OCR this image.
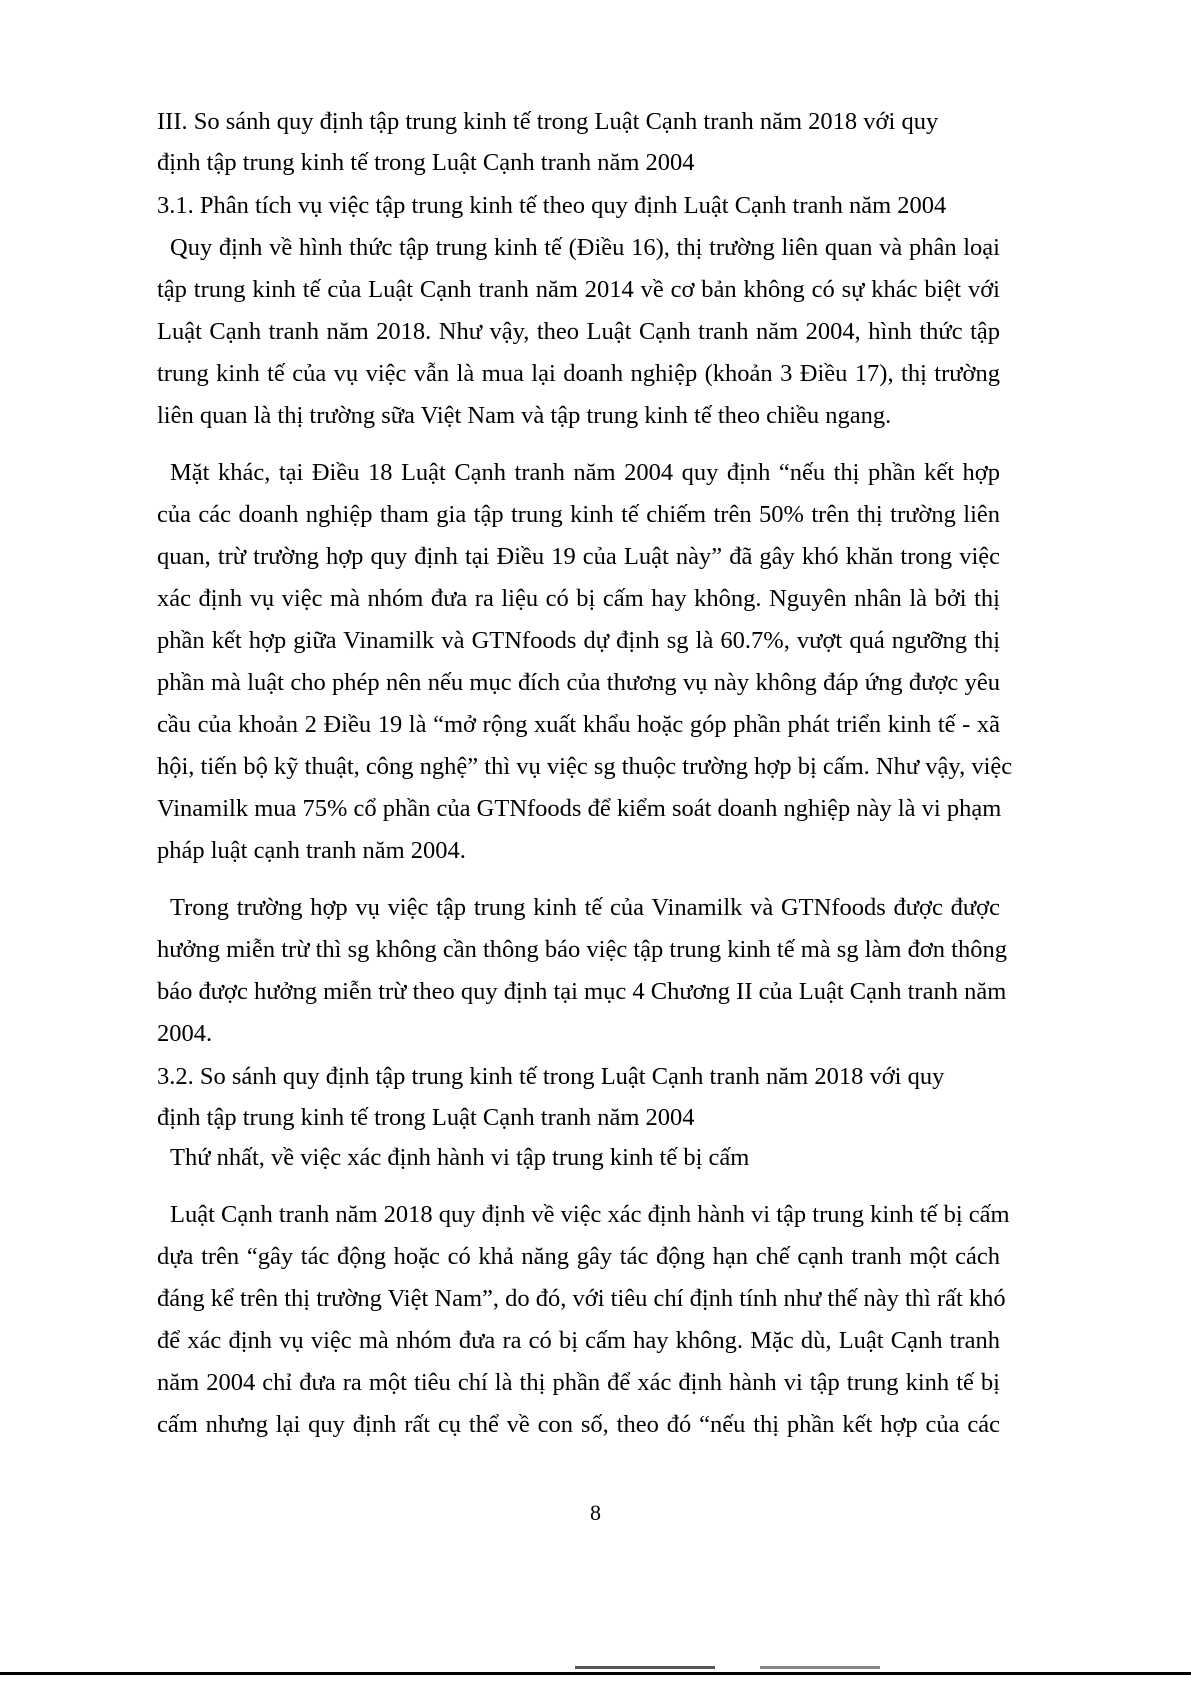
III. So sánh quy định tập trung kinh tế trong Luật Cạnh tranh năm 2018 với quy

định tập trung kinh tế trong Luật Cạnh tranh năm 2004

3.1. Phân tích vụ việc tập trung kinh tế theo quy định Luật Cạnh tranh năm 2004

Quy định về hình thức tập trung kinh tế (Điều 16), thị trường liên quan và phân loại

tập trung kinh tế của Luật Cạnh tranh năm 2014 về cơ bản không có sự khác biệt với

Luật Cạnh tranh năm 2018. Như vậy, theo Luật Cạnh tranh năm 2004, hình thức tập

trung kinh tế của vụ việc vẫn là mua lại doanh nghiệp (khoản 3 Điều 17), thị trường

liên quan là thị trường sữa Việt Nam và tập trung kinh tế theo chiều ngang.

Mặt khác, tại Điều 18 Luật Cạnh tranh năm 2004 quy định “nếu thị phần kết hợp

của các doanh nghiệp tham gia tập trung kinh tế chiếm trên 50% trên thị trường liên

quan, trừ trường hợp quy định tại Điều 19 của Luật này” đã gây khó khăn trong việc

xác định vụ việc mà nhóm đưa ra liệu có bị cấm hay không. Nguyên nhân là bởi thị

phần kết hợp giữa Vinamilk và GTNfoods dự định sg là 60.7%, vượt quá ngưỡng thị

phần mà luật cho phép nên nếu mục đích của thương vụ này không đáp ứng được yêu

cầu của khoản 2 Điều 19 là “mở rộng xuất khẩu hoặc góp phần phát triển kinh tế - xã

hội, tiến bộ kỹ thuật, công nghệ” thì vụ việc sg thuộc trường hợp bị cấm. Như vậy, việc

Vinamilk mua 75% cổ phần của GTNfoods để kiểm soát doanh nghiệp này là vi phạm

pháp luật cạnh tranh năm 2004.

Trong trường hợp vụ việc tập trung kinh tế của Vinamilk và GTNfoods được được

hưởng miễn trừ thì sg không cần thông báo việc tập trung kinh tế mà sg làm đơn thông

báo được hưởng miễn trừ theo quy định tại mục 4 Chương II của Luật Cạnh tranh năm

2004.

3.2. So sánh quy định tập trung kinh tế trong Luật Cạnh tranh năm 2018 với quy

định tập trung kinh tế trong Luật Cạnh tranh năm 2004

Thứ nhất, về việc xác định hành vi tập trung kinh tế bị cấm

Luật Cạnh tranh năm 2018 quy định về việc xác định hành vi tập trung kinh tế bị cấm

dựa trên “gây tác động hoặc có khả năng gây tác động hạn chế cạnh tranh một cách

đáng kể trên thị trường Việt Nam”, do đó, với tiêu chí định tính như thế này thì rất khó

để xác định vụ việc mà nhóm đưa ra có bị cấm hay không. Mặc dù, Luật Cạnh tranh

năm 2004 chỉ đưa ra một tiêu chí là thị phần để xác định hành vi tập trung kinh tế bị

cấm nhưng lại quy định rất cụ thể về con số, theo đó “nếu thị phần kết hợp của các

8
